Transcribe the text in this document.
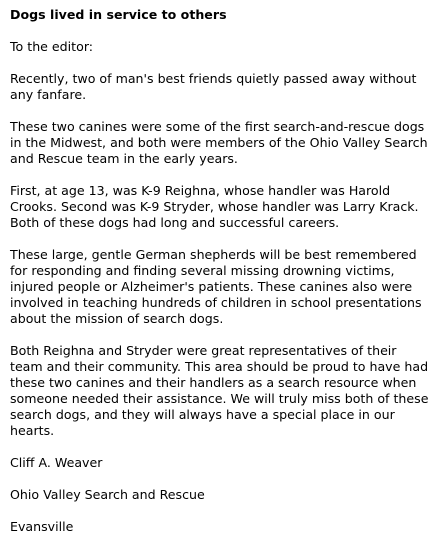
Dogs lived in service to others
To the editor:
Recently, two of man's best friends quietly passed away without any fanfare.
These two canines were some of the first search-and-rescue dogs in the Midwest, and both were members of the Ohio Valley Search and Rescue team in the early years.
First, at age 13, was K-9 Reighna, whose handler was Harold Crooks. Second was K-9 Stryder, whose handler was Larry Krack. Both of these dogs had long and successful careers.
These large, gentle German shepherds will be best remembered for responding and finding several missing drowning victims, injured people or Alzheimer's patients. These canines also were involved in teaching hundreds of children in school presentations about the mission of search dogs.
Both Reighna and Stryder were great representatives of their team and their community. This area should be proud to have had these two canines and their handlers as a search resource when someone needed their assistance. We will truly miss both of these search dogs, and they will always have a special place in our hearts.
Cliff A. Weaver
Ohio Valley Search and Rescue
Evansville
